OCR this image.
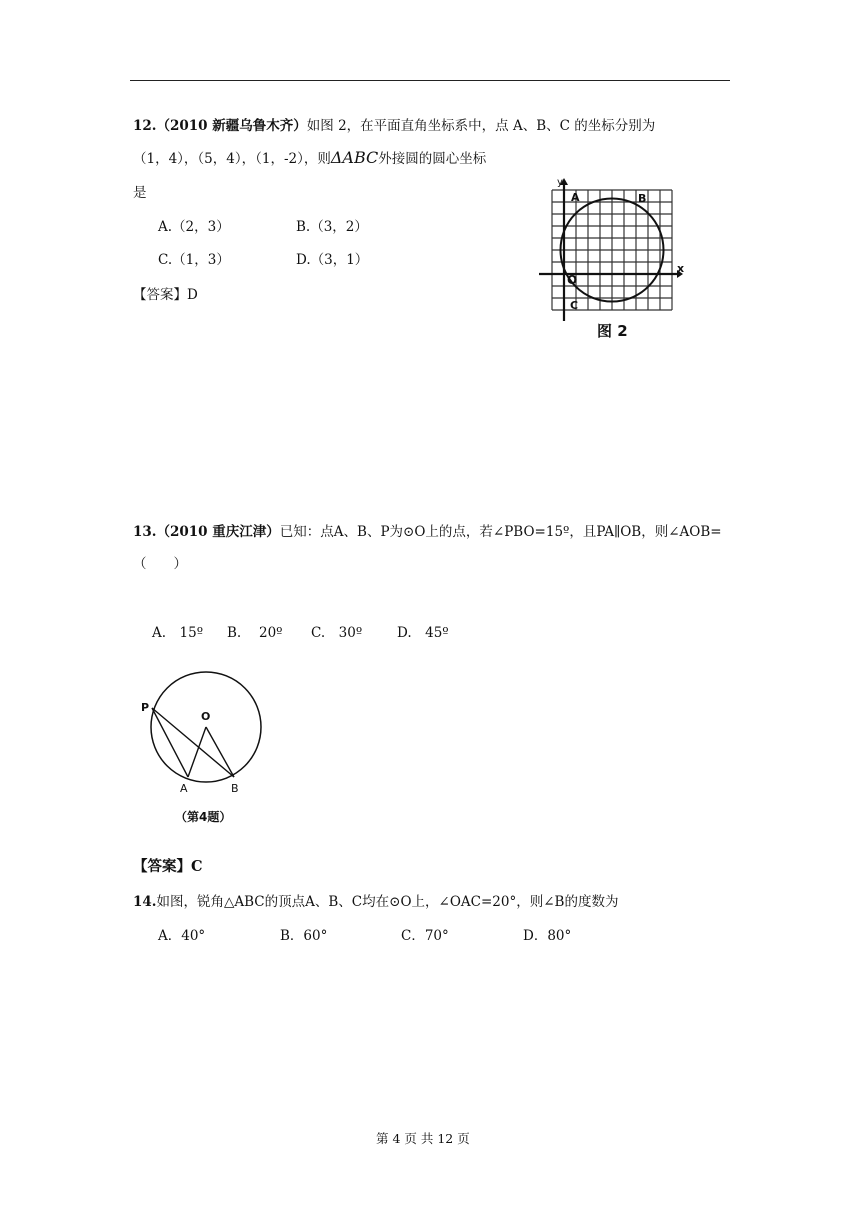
12.（2010 新疆乌鲁木齐）如图 2，在平面直角坐标系中，点 A、B、C 的坐标分别为
（1，4），（5，4），（1，-2），则ΔABC外接圆的圆心坐标
是
A.（2，3）	B.（3，2）
C.（1，3）	D.（3，1）
【答案】D
y
x
A	B
O
C
图 2
13.（2010 重庆江津）已知：点A、B、P为⊙O上的点，若∠PBO=15º，且PA∥OB，则∠AOB=
（　　）
A.　15º B.　 20º C.　30º	D.　45º
P
O
A	B
（第4题）
【答案】C
14.如图，锐角△ABC的顶点A、B、C均在⊙O上，∠OAC=20°，则∠B的度数为
A．40°	B．60°	C．70°	D．80°
第 4 页 共 12 页
